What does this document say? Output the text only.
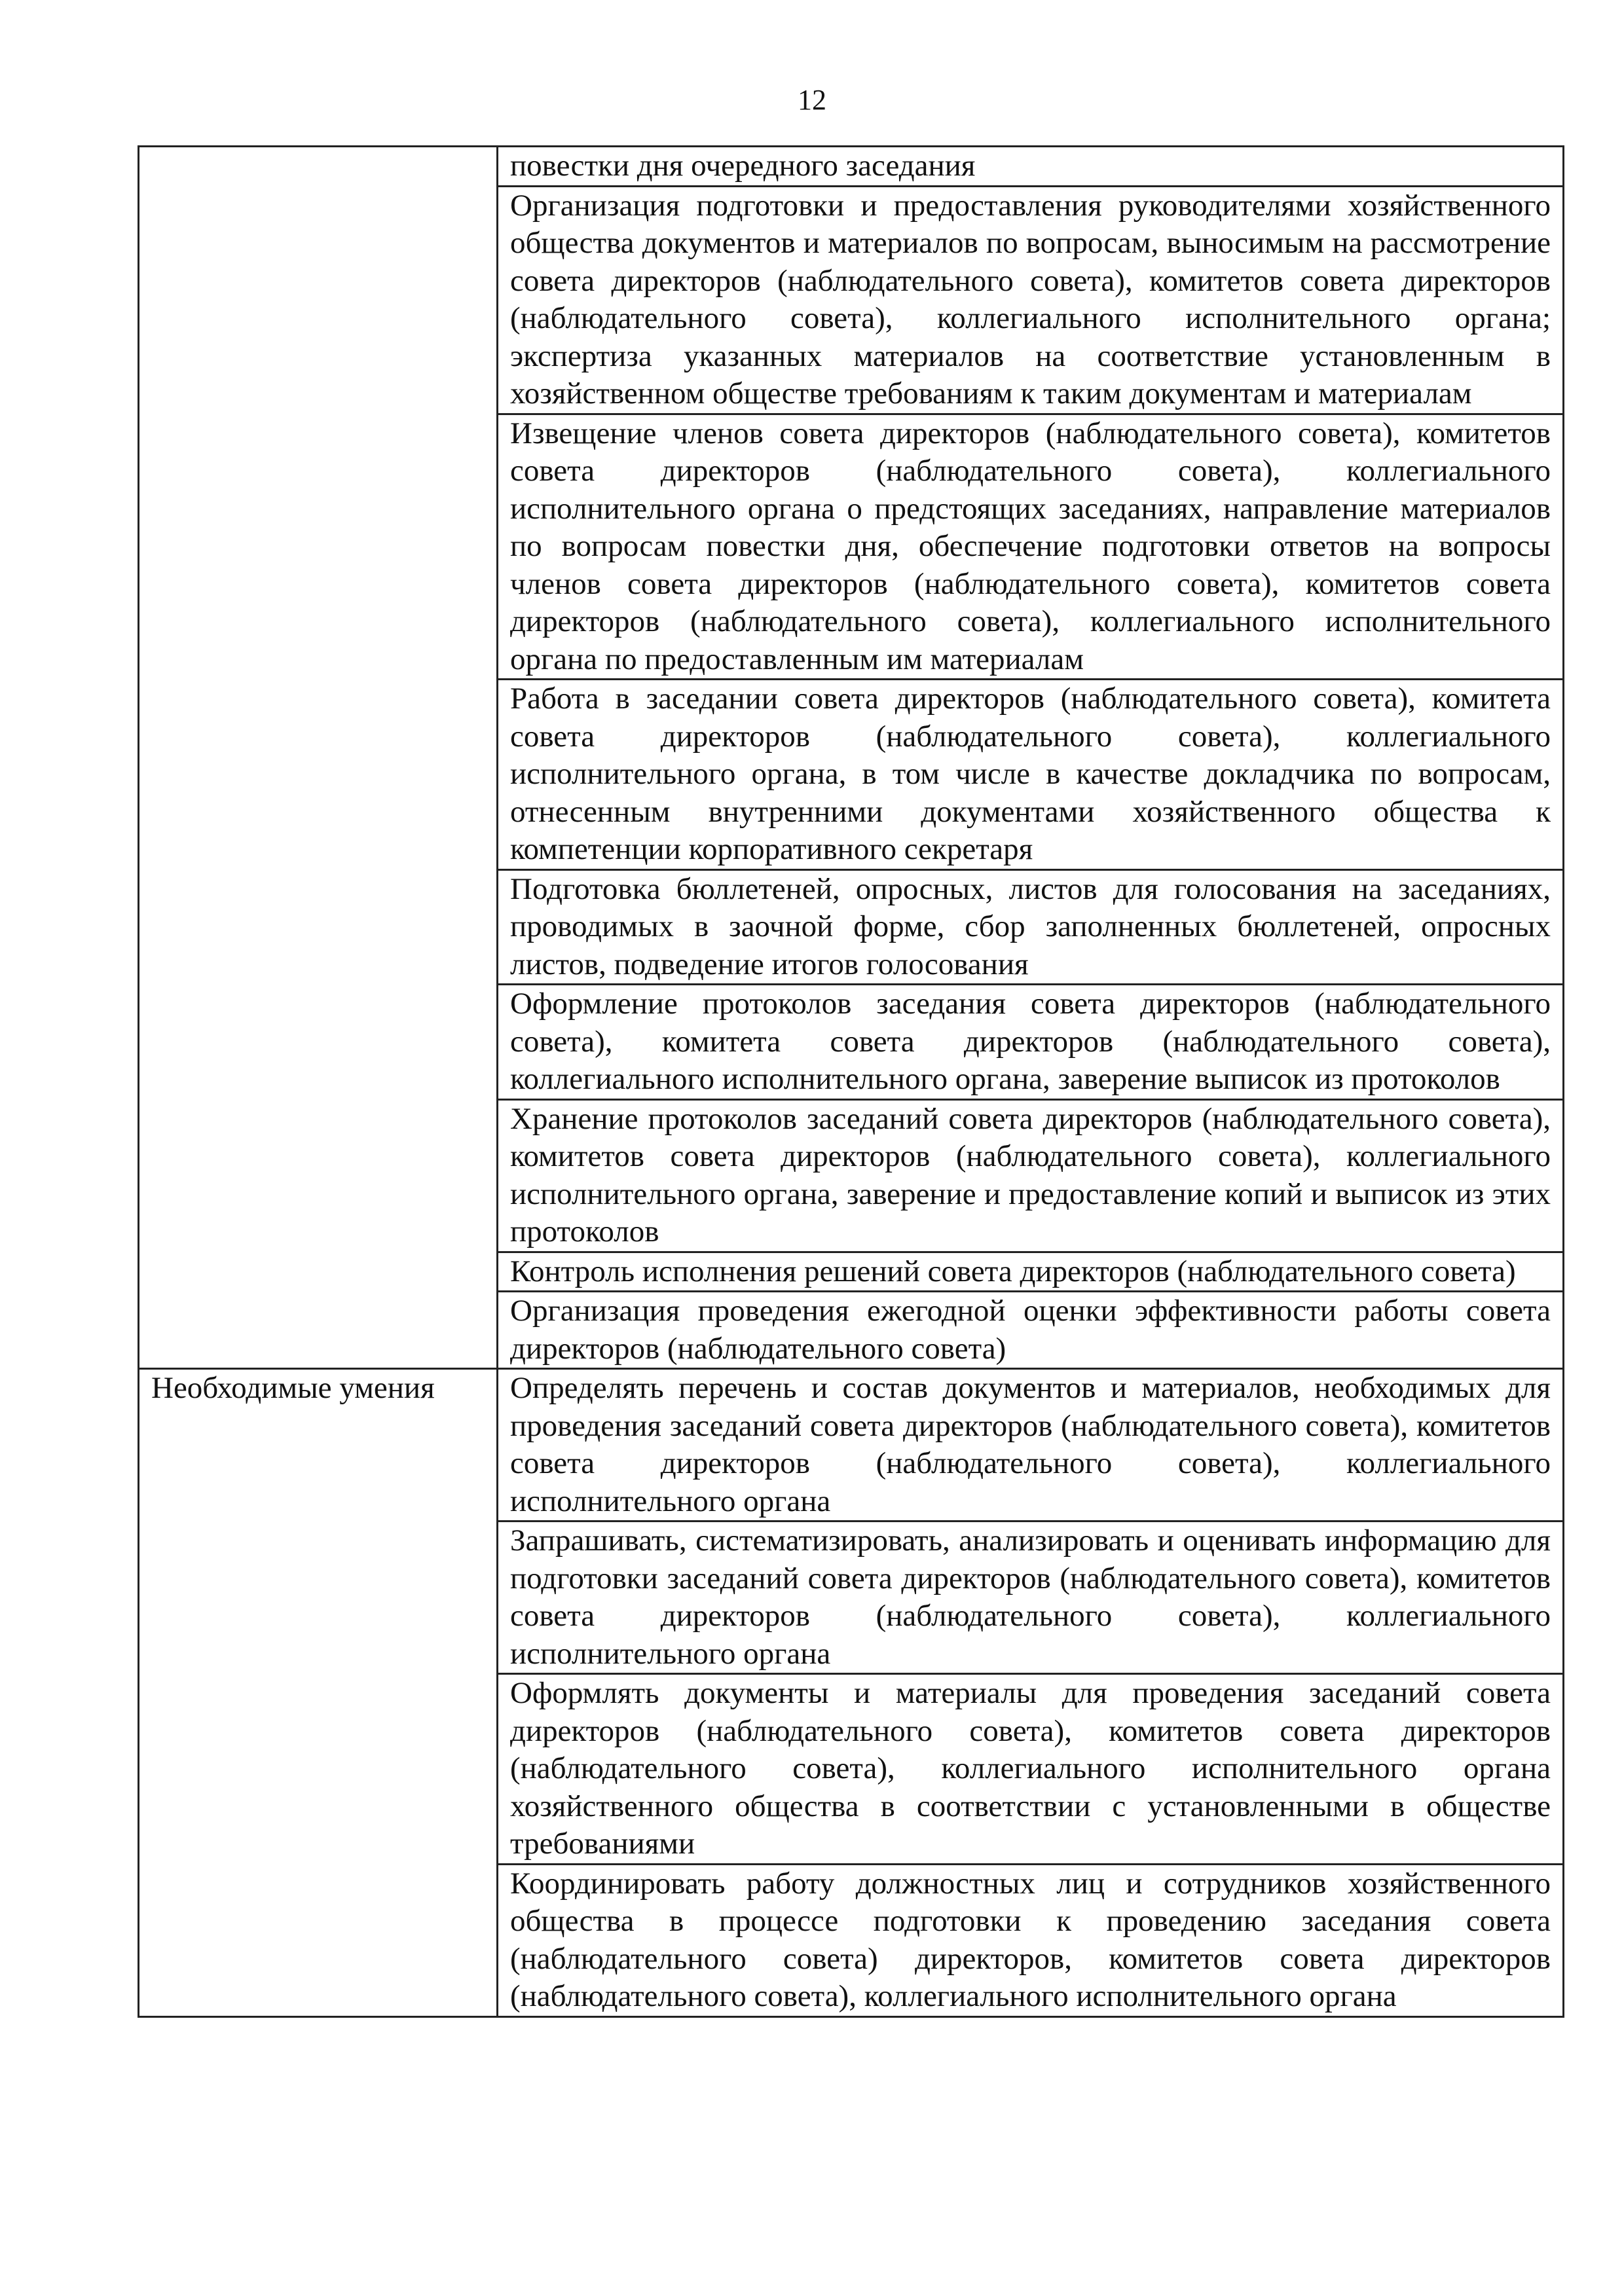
12
	повестки дня очередного заседания
	Организация подготовки и предоставления руководителями хозяйственного общества документов и материалов по вопросам, выносимым на рассмотрение совета директоров (наблюдательного совета), комитетов совета директоров (наблюдательного совета), коллегиального исполнительного органа; экспертиза указанных материалов на соответствие установленным в хозяйственном обществе требованиям к таким документам и материалам
	Извещение членов совета директоров (наблюдательного совета), комитетов совета директоров (наблюдательного совета), коллегиального исполнительного органа о предстоящих заседаниях, направление материалов по вопросам повестки дня, обеспечение подготовки ответов на вопросы членов совета директоров (наблюдательного совета), комитетов совета директоров (наблюдательного совета), коллегиального исполнительного органа по предоставленным им материалам
	Работа в заседании совета директоров (наблюдательного совета), комитета совета директоров (наблюдательного совета), коллегиального исполнительного органа, в том числе в качестве докладчика по вопросам, отнесенным внутренними документами хозяйственного общества к компетенции корпоративного секретаря
	Подготовка бюллетеней, опросных, листов для голосования на заседаниях, проводимых в заочной форме, сбор заполненных бюллетеней, опросных листов, подведение итогов голосования
	Оформление протоколов заседания совета директоров (наблюдательного совета), комитета совета директоров (наблюдательного совета), коллегиального исполнительного органа, заверение выписок из протоколов
	Хранение протоколов заседаний совета директоров (наблюдательного совета), комитетов совета директоров (наблюдательного совета), коллегиального исполнительного органа, заверение и предоставление копий и выписок из этих протоколов
	Контроль исполнения решений совета директоров (наблюдательного совета)
	Организация проведения ежегодной оценки эффективности работы совета директоров (наблюдательного совета)
Необходимые умения	Определять перечень и состав документов и материалов, необходимых для проведения заседаний совета директоров (наблюдательного совета), комитетов совета директоров (наблюдательного совета), коллегиального исполнительного органа
	Запрашивать, систематизировать, анализировать и оценивать информацию для подготовки заседаний совета директоров (наблюдательного совета), комитетов совета директоров (наблюдательного совета), коллегиального исполнительного органа
	Оформлять документы и материалы для проведения заседаний совета директоров (наблюдательного совета), комитетов совета директоров (наблюдательного совета), коллегиального исполнительного органа хозяйственного общества в соответствии с установленными в обществе требованиями
	Координировать работу должностных лиц и сотрудников хозяйственного общества в процессе подготовки к проведению заседания совета (наблюдательного совета) директоров, комитетов совета директоров (наблюдательного совета), коллегиального исполнительного органа
